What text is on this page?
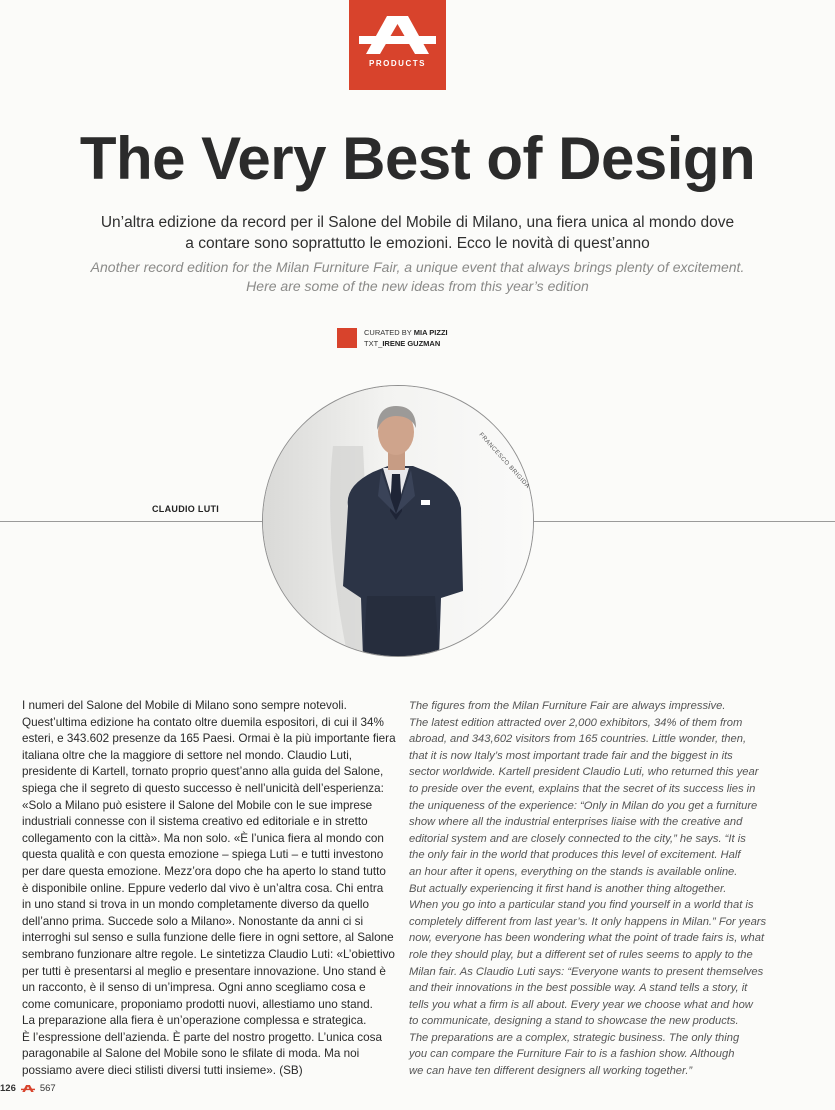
PRODUCTS
The Very Best of Design

Un’altra edizione da record per il Salone del Mobile di Milano, una fiera unica al mondo dove a contare sono soprattutto le emozioni. Ecco le novità di quest’anno

Another record edition for the Milan Furniture Fair, a unique event that always brings plenty of excitement. Here are some of the new ideas from this year’s edition

CURATED BY MIA PIZZI
TXT_IRENE GUZMAN
FRANCESCO BRIGIDA
CLAUDIO LUTI

I numeri del Salone del Mobile di Milano sono sempre notevoli.

Quest’ultima edizione ha contato oltre duemila espositori, di cui il 34%

esteri, e 343.602 presenze da 165 Paesi. Ormai è la più importante fiera

italiana oltre che la maggiore di settore nel mondo. Claudio Luti,

presidente di Kartell, tornato proprio quest’anno alla guida del Salone,

spiega che il segreto di questo successo è nell’unicità dell’esperienza:

«Solo a Milano può esistere il Salone del Mobile con le sue imprese

industriali connesse con il sistema creativo ed editoriale e in stretto

collegamento con la città». Ma non solo. «È l’unica fiera al mondo con

questa qualità e con questa emozione – spiega Luti – e tutti investono

per dare questa emozione. Mezz’ora dopo che ha aperto lo stand tutto

è disponibile online. Eppure vederlo dal vivo è un’altra cosa. Chi entra

in uno stand si trova in un mondo completamente diverso da quello

dell’anno prima. Succede solo a Milano». Nonostante da anni ci si

interroghi sul senso e sulla funzione delle fiere in ogni settore, al Salone

sembrano funzionare altre regole. Le sintetizza Claudio Luti: «L’obiettivo

per tutti è presentarsi al meglio e presentare innovazione. Uno stand è

un racconto, è il senso di un’impresa. Ogni anno scegliamo cosa e

come comunicare, proponiamo prodotti nuovi, allestiamo uno stand.

La preparazione alla fiera è un’operazione complessa e strategica.

È l’espressione dell’azienda. È parte del nostro progetto. L’unica cosa

paragonabile al Salone del Mobile sono le sfilate di moda. Ma noi

possiamo avere dieci stilisti diversi tutti insieme». (SB)

The figures from the Milan Furniture Fair are always impressive.

The latest edition attracted over 2,000 exhibitors, 34% of them from

abroad, and 343,602 visitors from 165 countries. Little wonder, then,

that it is now Italy’s most important trade fair and the biggest in its

sector worldwide. Kartell president Claudio Luti, who returned this year

to preside over the event, explains that the secret of its success lies in

the uniqueness of the experience: “Only in Milan do you get a furniture

show where all the industrial enterprises liaise with the creative and

editorial system and are closely connected to the city,” he says. “It is

the only fair in the world that produces this level of excitement. Half

an hour after it opens, everything on the stands is available online.

But actually experiencing it first hand is another thing altogether.

When you go into a particular stand you find yourself in a world that is

completely different from last year’s. It only happens in Milan.” For years

now, everyone has been wondering what the point of trade fairs is, what

role they should play, but a different set of rules seems to apply to the

Milan fair. As Claudio Luti says: “Everyone wants to present themselves

and their innovations in the best possible way. A stand tells a story, it

tells you what a firm is all about. Every year we choose what and how

to communicate, designing a stand to showcase the new products.

The preparations are a complex, strategic business. The only thing

you can compare the Furniture Fair to is a fashion show. Although

we can have ten different designers all working together.”

126	567
